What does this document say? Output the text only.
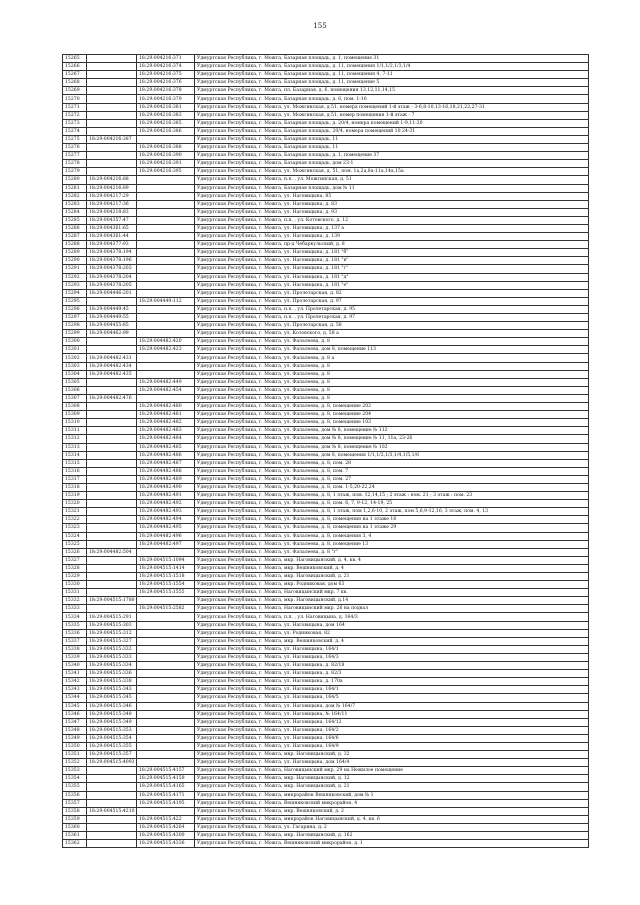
155
15265		18:29:004216:371	Удмуртская Республика, г. Можга, Базарная площадь, д. 1, помещение 31
15266		18:29:004216:374	Удмуртская Республика, г. Можга, Базарная площадь, д. 11, помещения 1/1,1/2,1/3,1/4
15267		18:29:004216:375	Удмуртская Республика, г. Можга, Базарная площадь, д. 11, помещения 4, 7-11
15268		18:29:004216:376	Удмуртская Республика, г. Можга, Базарная площадь, д. 11, помещение 5
15269		18:29:004216:378	Удмуртская Республика, г. Можга, пл. Базарная, д. 6, помещения 13,12,11,14,15
15270		18:29:004216:379	Удмуртская Республика, г. Можга, Базарная площадь, д. 6, пом. 1-10
15271		18:29:004216:381	Удмуртская Республика, г. Можга, ул. Можгинская, д.51, номера помещений 1-й этаж - 3-6,8-10,13-16,18,21,22,27-31
15272		18:29:004216:383	Удмуртская Республика, г. Можга, ул. Можгинская, д.51, номер помещения 1-й этаж - 7
15273		18:29:004216:385	Удмуртская Республика, г. Можга, Базарная площадь, д. 20/4, номера помещений 1-9,11-20
15274		18:29:004216:386	Удмуртская Республика, г. Можга, Базарная площадь, 20/4, номера помещений 10,24-31
15275	18:29:004216:387		Удмуртская Республика, г. Можга, Базарная площадь, 11
15276		18:29:004216:388	Удмуртская Республика, г. Можга, Базарная площадь, 11
15277		18:29:004216:390	Удмуртская Республика, г. Можга, Базарная площадь, д. 1, помещение 37
15278		18:29:004216:391	Удмуртская Республика, г. Можга, Базарная площадь, дом 23-1
15279		18:29:004216:395	Удмуртская Республика, г. Можга, ул. Можгинская, д. 51, пом. 1а,2а,8а-11а,14а,15а
15280	18:29:004216:88		Удмуртская Республика, г. Можга, п.п. , ул. Можгинская, д. 51
15281	18:29:004216:89		Удмуртская Республика, г. Можга, Базарная площадь, дом № 11
15282	18:29:004217:29		Удмуртская Республика, г. Можга, ул. Наговицына, 85
15283	18:29:004217:36		Удмуртская Республика, г. Можга, ул. Наговицына, д. 83
15284	18:29:004218:83		Удмуртская Республика, г. Можга, ул. Наговицына, д. 93
15285	18:29:004357:47		Удмуртская Республика, г. Можга, п.п. , ул. Котовского, д. 12
15286	18:29:004361:65		Удмуртская Республика, г. Можга, ул. Наговицына, д. 137 а
15287	18:29:004361:44		Удмуртская Республика, г. Можга, ул. Наговицына, д. 139
15288	18:29:004377:93		Удмуртская Республика, г. Можга, пр-д Чебаркульский, д. 8
15289	18:29:004378:194		Удмуртская Республика, г. Можга, ул. Наговицына, д. 181 "б"
15290	18:29:004378:196		Удмуртская Республика, г. Можга, ул. Наговицына, д. 181 "в"
15291	18:29:004378:203		Удмуртская Республика, г. Можга, ул. Наговицына, д. 181 "г"
15292	18:29:004378:204		Удмуртская Республика, г. Можга, ул. Наговицына, д. 181 "д"
15293	18:29:004378:205		Удмуртская Республика, г. Можга, ул. Наговицына, д. 181 "е"
15294	18:29:004446:201		Удмуртская Республика, г. Можга, ул. Пролетарская, д. 82
15295		18:29:004449:112	Удмуртская Республика, г. Можга, ул. Пролетарская, д. 97
15296	18:29:004449:45		Удмуртская Республика, г. Можга, п.п. , ул. Пролетарская, д. 95
15297	18:29:004449:55		Удмуртская Республика, г. Можга, п.п. , ул. Пролетарская, д. 97
15298	18:29:004455:85		Удмуртская Республика, г. Можга, ул. Пролетарская, д. 58
15299	18:29:004462:99		Удмуртская Республика, г. Можга, ул. Котовского, д. 58 а
15300		18:29:004482:420	Удмуртская Республика, г. Можга, ул. Фалалеева, д. 8
15301		18:29:004482:423	Удмуртская Республика, г. Можга, ул. Фалалеева, дом 8, помещение 113
15302	18:29:004482:431		Удмуртская Республика, г. Можга, ул. Фалалеева, д. 8 а
15303	18:29:004482:434		Удмуртская Республика, г. Можга, ул. Фалалеева, д. 8
15304	18:29:004482:435		Удмуртская Республика, г. Можга, ул. Фалалеева, д. 8
15305		18:29:004482:449	Удмуртская Республика, г. Можга, ул. Фалалеева, д. 8
15306		18:29:004482:454	Удмуртская Республика, г. Можга, ул. Фалалеева, д. 8
15307	18:29:004482:476		Удмуртская Республика, г. Можга, ул. Фалалеева, д. 8
15308		18:29:004482:480	Удмуртская Республика, г. Можга, ул. Фалалеева, д. 8, помещение 202
15309		18:29:004482:481	Удмуртская Республика, г. Можга, ул. Фалалеева, д. 8, помещение 204
15310		18:29:004482:482	Удмуртская Республика, г. Можга, ул. Фалалеева, д. 8, помещение 103
15311		18:29:004482:483	Удмуртская Республика, г. Можга, ул. Фалалеева, дом № 8, помещение № 112
15312		18:29:004482:484	Удмуртская Республика, г. Можга, ул. Фалалеева, дом № 8, помещение № 11, 11а, 23-26
15313		18:29:004482:485	Удмуртская Республика, г. Можга, ул. Фалалеева, дом № 8, помещение № 102
15314		18:29:004482:486	Удмуртская Республика, г. Можга, ул. Фалалеева, дом 8, помещения 1/1,1/2,1/3,1/4,1/5,1/6
15315		18:29:004482:487	Удмуртская Республика, г. Можга, ул. Фалалеева, д. 8, пом. 28
15316		18:29:004482:488	Удмуртская Республика, г. Можга, ул. Фалалеева, д. 8, пом. 7
15317		18:29:004482:489	Удмуртская Республика, г. Можга, ул. Фалалеева, д. 8, пом. 27
15318		18:29:004482:490	Удмуртская Республика, г. Можга, ул. Фалалеева, д. 8, пом. 1-5,20-22,24
15319		18:29:004482:491	Удмуртская Республика, г. Можга, ул. Фалалеева, д. 8, 1 этаж, пом. 12,14,15 ; 2 этаж : пом. 21 ; 3 этаж : пом. 23
15320		18:29:004482:492	Удмуртская Республика, г. Можга, ул. Фалалеева, д. 8, пом. 6, 7, 9-12, 14-19, 25
15321		18:29:004482:493	Удмуртская Республика, г. Можга, ул. Фалалеева, д. 8, 1 этаж, пом 1,2,6-10, 2 этаж, пом 5,6,9-12,16, 3 этаж, пом. 4, 13
15322		18:29:004482:494	Удмуртская Республика, г. Можга, ул. Фалалеева, д. 8, помещения на 1 этаже 16
15323		18:29:004482:495	Удмуртская Республика, г. Можга, ул. Фалалеева, д. 8, помещения на 1 этаже 29
15324		18:29:004482:496	Удмуртская Республика, г. Можга, ул. Фалалеева, д. 8, помещения 3, 4
15325		18:29:004482:497	Удмуртская Республика, г. Можга, ул. Фалалеева, д. 8, помещение 13
15326	18:29:004482:504		Удмуртская Республика, г. Можга, ул. Фалалеева, д. 8 "г"
15327		18:29:004515:1094	Удмуртская Республика, г. Можга, мкр. Наговицынский, д. 4, кв. 4
15328		18:29:004515:1414	Удмуртская Республика, г. Можга, мкр. Вешняковский, д. 4
15329		18:29:004515:1518	Удмуртская Республика, г. Можга, мкр. Наговицынский, д. 21
15330		18:29:004515:1554	Удмуртская Республика, г. Можга, мкр. Родниковая, дом 63
15331		18:29:004515:1555	Удмуртская Республика, г. Можга, Наговицынский мкр. 7 кв.
15332	18:29:004515:1780		Удмуртская Республика, г. Можга, мкр. Наговицынский, д.14
15333		18:29:004515:2582	Удмуртская Республика, г. Можга, Наговицынский мкр. 26 на подвал
15334	18:29:004515:291		Удмуртская Республика, г. Можга, п.п. , ул. Наговицына, д. 164/3
15335	18:29:004515:303		Удмуртская Республика, г. Можга, ул. Наговицына, дом 164
15336	18:29:004515:312		Удмуртская Республика, г. Можга, ул. Родниковая, 82
15337	18:29:004515:327		Удмуртская Республика, г. Можга, мкр. Вешняковский, д. 4
15338	18:29:004515:332		Удмуртская Республика, г. Можга, ул. Наговицына, 164/1
15339	18:29:004515:333		Удмуртская Республика, г. Можга, ул. Наговицына, 164/3
15340	18:29:004515:334		Удмуртская Республика, г. Можга, ул. Наговицына, д. 82/18
15341	18:29:004515:336		Удмуртская Республика, г. Можга, ул. Наговицына, д. 82/3
15342	18:29:004515:338		Удмуртская Республика, г. Можга, ул. Наговицына, д. 170а
15343	18:29:004515:343		Удмуртская Республика, г. Можга, ул. Наговицына, 164/1
15344	18:29:004515:345		Удмуртская Республика, г. Можга, ул. Наговицына, 164/5
15345	18:29:004515:346		Удмуртская Республика, г. Можга, ул. Наговицына, дом № 164/7
15346	18:29:004515:348		Удмуртская Республика, г. Можга, ул. Наговицына, № 164/11
15347	18:29:004515:349		Удмуртская Республика, г. Можга, ул. Наговицына, 164/12
15348	18:29:004515:353		Удмуртская Республика, г. Можга, ул. Наговицына, 164/2
15349	18:29:004515:354		Удмуртская Республика, г. Можга, ул. Наговицына, 164/6
15350	18:29:004515:355		Удмуртская Республика, г. Можга, ул. Наговицына, 164/9
15351	18:29:004515:357		Удмуртская Республика, г. Можга, мкр. Наговицынский, д. 32
15352	18:29:004515:4093		Удмуртская Республика, г. Можга, ул. Наговицына, дом 164/4
15353		18:29:004515:4157	Удмуртская Республика, г. Можга, Наговицынский мкр, 29 на Нежилое помещение
15354		18:29:004515:4159	Удмуртская Республика, г. Можга, мкр. Наговицынский, д. 12
15355		18:29:004515:4165	Удмуртская Республика, г. Можга, мкр. Наговицынский, д. 21
15356		18:29:004515:4171	Удмуртская Республика, г. Можга, микрорайон Вешняковский, дом № 1
15357		18:29:004515:4195	Удмуртская Республика, г. Можга, Вешняковский микрорайон, 4
15358	18:29:004515:4210		Удмуртская Республика, г. Можга, мкр. Вешняковский, д. 2
15359		18:29:004515:422	Удмуртская Республика, г. Можга, микрорайон Наговицынский, д. 4, кв. 6
15360		18:29:004515:4264	Удмуртская Республика, г. Можга, ул. Гагарина, д. 2
15361		18:29:004515:4300	Удмуртская Республика, г. Можга, мкр. Наговицынский, д. 162
15362		18:29:004515:4336	Удмуртская Республика, г. Можга, Вешняковский микрорайон, д. 1
